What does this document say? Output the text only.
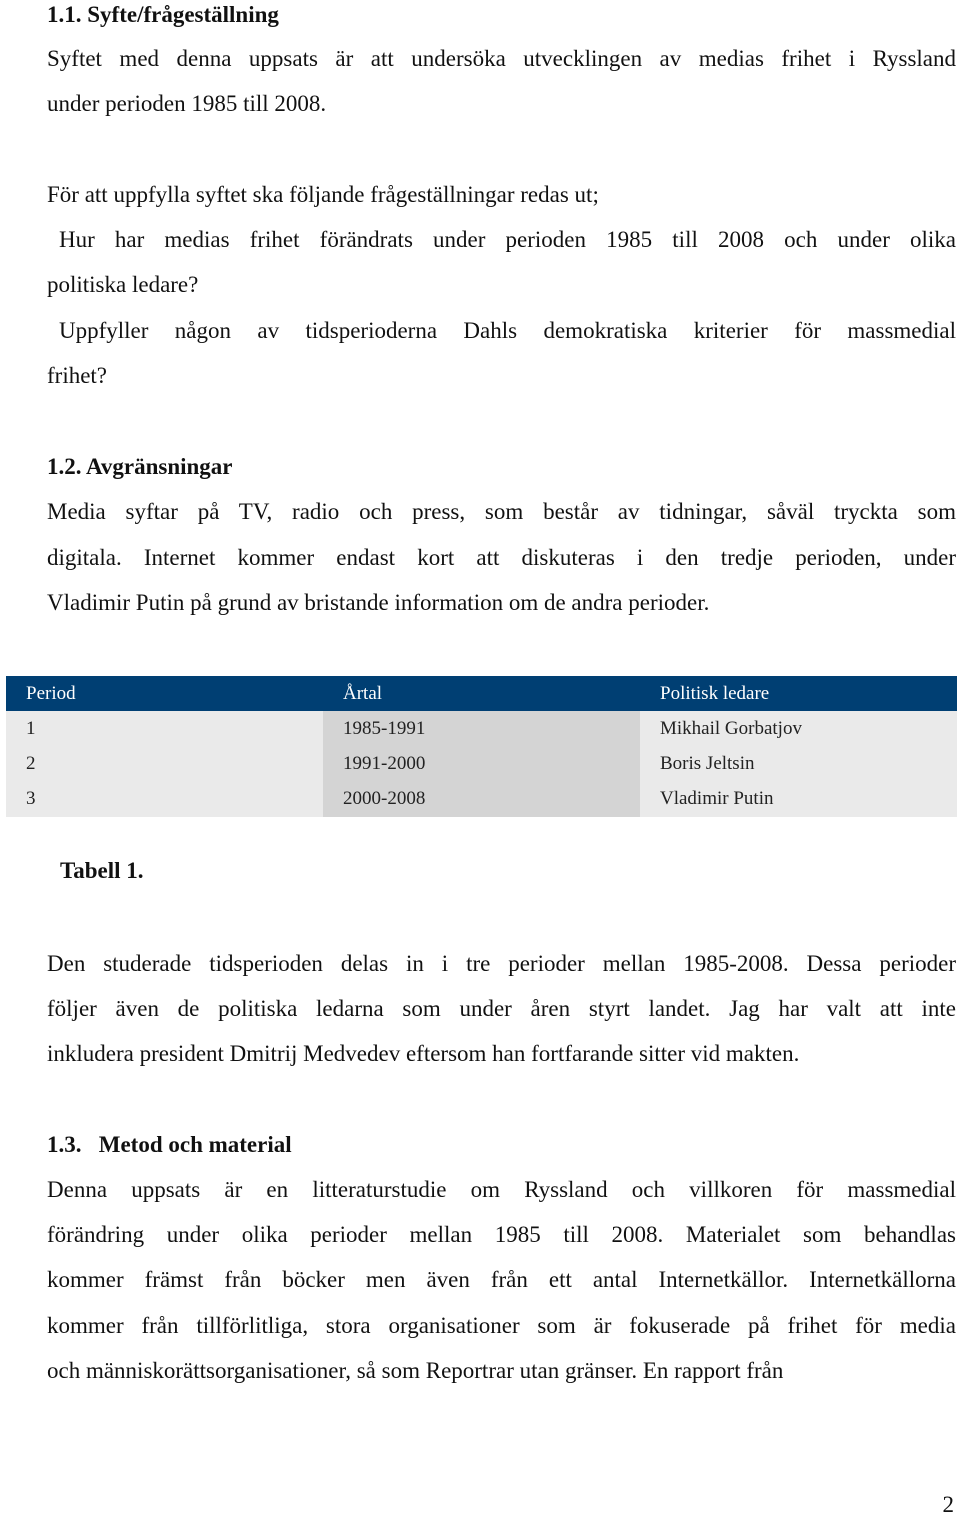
1.1. Syfte/frågeställning
Syftet med denna uppsats är att undersöka utvecklingen av medias frihet i Ryssland
under perioden 1985 till 2008.
För att uppfylla syftet ska följande frågeställningar redas ut;
Hur har medias frihet förändrats under perioden 1985 till 2008 och under olika
politiska ledare?
Uppfyller någon av tidsperioderna Dahls demokratiska kriterier för massmedial
frihet?
1.2. Avgränsningar
Media syftar på TV, radio och press, som består av tidningar, såväl tryckta som
digitala. Internet kommer endast kort att diskuteras i den tredje perioden, under
Vladimir Putin på grund av bristande information om de andra perioder.
Period	Årtal	Politisk ledare
1	1985-1991	Mikhail Gorbatjov
2	1991-2000	Boris Jeltsin
3	2000-2008	Vladimir Putin
Tabell 1.
Den studerade tidsperioden delas in i tre perioder mellan 1985-2008. Dessa perioder
följer även de politiska ledarna som under åren styrt landet. Jag har valt att inte
inkludera president Dmitrij Medvedev eftersom han fortfarande sitter vid makten.
1.3.   Metod och material
Denna uppsats är en litteraturstudie om Ryssland och villkoren för massmedial
förändring under olika perioder mellan 1985 till 2008. Materialet som behandlas
kommer främst från böcker men även från ett antal Internetkällor. Internetkällorna
kommer från tillförlitliga, stora organisationer som är fokuserade på frihet för media
och människorättsorganisationer, så som Reportrar utan gränser. En rapport från
2
